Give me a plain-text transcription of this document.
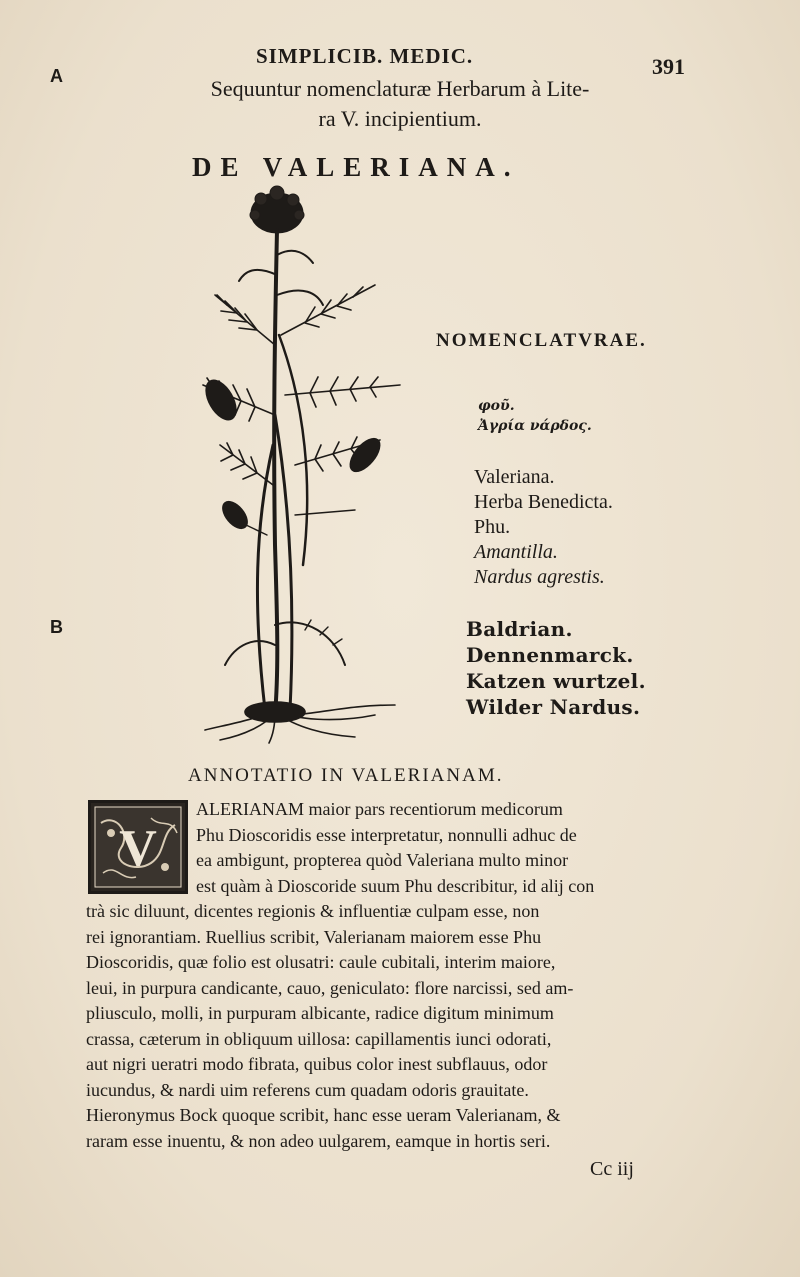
A
B
SIMPLICIB. MEDIC.	391
Sequuntur nomenclaturæ Herbarum à Lite-
ra V. incipientium.
DE VALERIANA.
NOMENCLATVRAE.
φοῦ.
Ἀγρία νάρδος.
Valeriana.
Herba Benedicta.
Phu.
Amantilla.
Nardus agrestis.
Baldrian.
Dennenmarck.
Katzen wurtzel.
Wilder Nardus.
ANNOTATIO IN VALERIANAM.
V
ALERIANAM maior pars recentiorum medicorum
Phu Dioscoridis esse interpretatur, nonnulli adhuc de
ea ambigunt, propterea quòd Valeriana multo minor
est quàm à Dioscoride suum Phu describitur, id alij con
trà sic diluunt, dicentes regionis & influentiæ culpam esse, non
rei ignorantiam. Ruellius scribit, Valerianam maiorem esse Phu
Dioscoridis, quæ folio est olusatri: caule cubitali, interim maiore,
leui, in purpura candicante, cauo, geniculato: flore narcissi, sed am-
pliusculo, molli, in purpuram albicante, radice digitum minimum
crassa, cæterum in obliquum uillosa: capillamentis iunci odorati,
aut nigri ueratri modo fibrata, quibus color inest subflauus, odor
iucundus, & nardi uim referens cum quadam odoris grauitate.
Hieronymus Bock quoque scribit, hanc esse ueram Valerianam, &
raram esse inuentu, & non adeo uulgarem, eamque in hortis seri.
Cc iij
